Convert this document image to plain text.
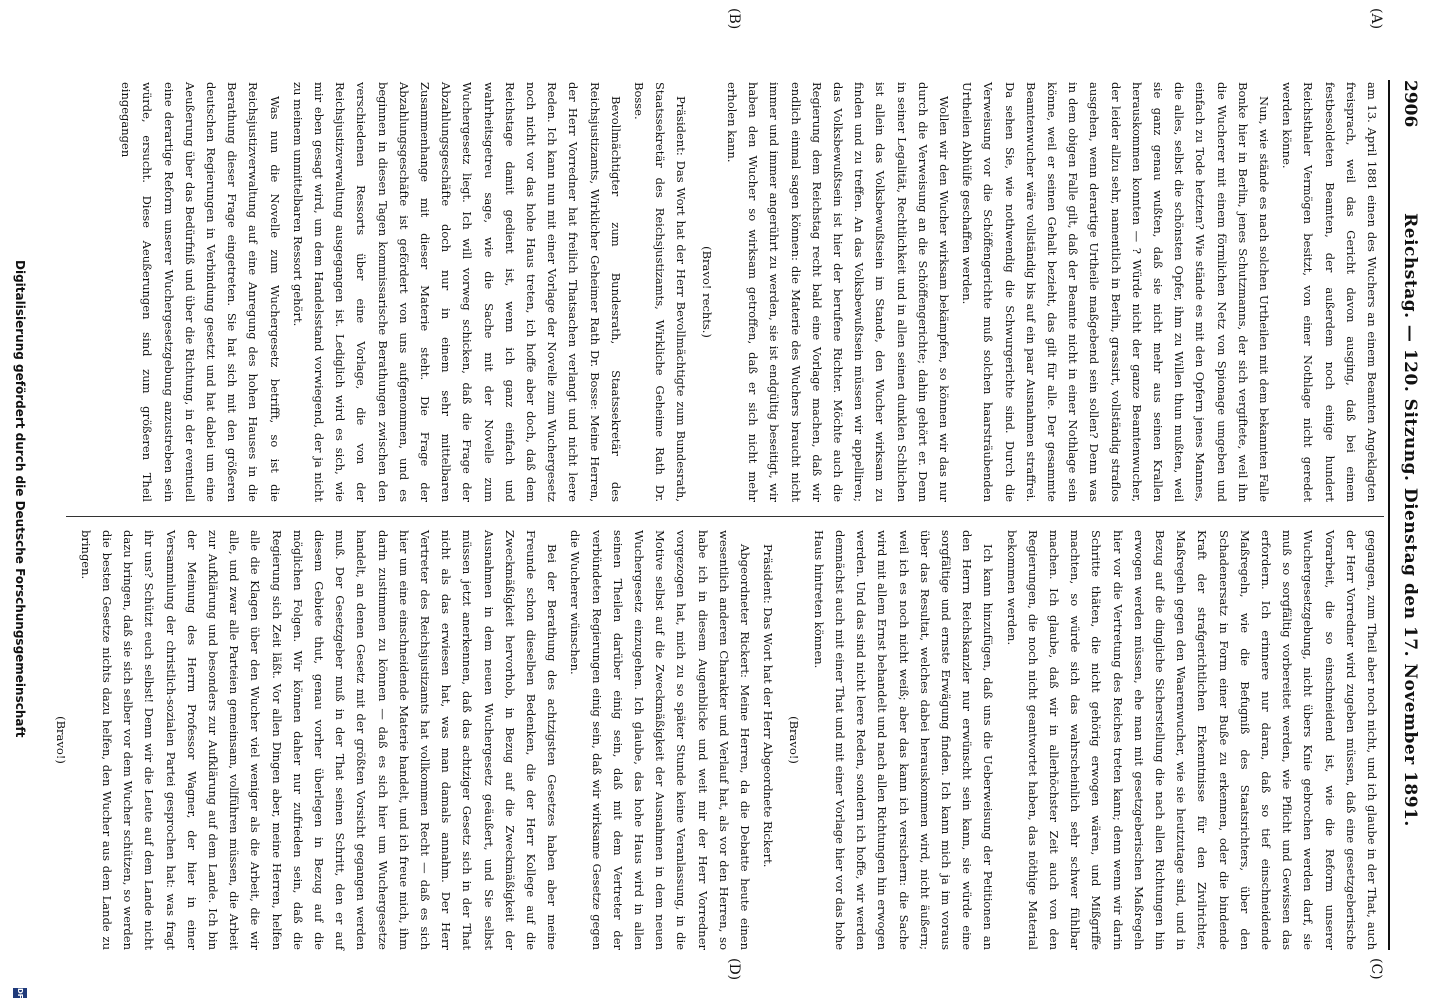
2906
Reichstag. — 120. Sitzung. Dienstag den 17. November 1891.
(A)
(B)
(C)
(D)

am 13. April 1881 einen des Wuchers an einem Beamten Angeklagten freisprach, weil das Gericht davon ausging, daß bei einem festbesoldeten Beamten, der außerdem noch einige hundert Reichsthaler Vermögen besitzt, von einer Nothlage nicht geredet werden könne.

Nun, wie stände es nach solchen Urtheilen mit dem bekannten Falle Bonke hier in Berlin, jenes Schutzmanns, der sich vergiftete, weil ihn die Wucherer mit einem förmlichen Netz von Spionage umgeben und einfach zu Tode hetzten? Wie stände es mit den Opfern jenes Mannes, die alles, selbst die schönsten Opfer, ihm zu Willen thun mußten, weil sie ganz genau wußten, daß sie nicht mehr aus seinen Krallen herauskommen konnten — ? Würde nicht der ganze Beamtenwucher, der leider allzu sehr, namentlich in Berlin, grassirt, vollständig straflos ausgehen, wenn derartige Urtheile maßgebend sein sollen? Denn was in dem obigen Falle gilt, daß der Beamte nicht in einer Nothlage sein könne, weil er seinen Gehalt bezieht, das gilt für alle. Der gesammte Beamtenwucher wäre vollständig bis auf ein paar Ausnahmen straffrei. Da sehen Sie, wie nothwendig die Schwurgerichte sind. Durch die Verweisung vor die Schöffengerichte muß solchen haarsträubenden Urtheilen Abhülfe geschaffen werden.

Wollen wir den Wucher wirksam bekämpfen, so können wir das nur durch die Verweisung an die Schöffengerichte; dahin gehört er. Denn in seiner Legalität, Rechtlichkeit und in allen seinen dunklen Schlichen ist allein das Volksbewußtsein im Stande, den Wucher wirksam zu finden und zu treffen. An das Volksbewußtsein müssen wir appelliren; das Volksbewußtsein ist hier der berufene Richter. Möchte auch die Regierung dem Reichstag recht bald eine Vorlage machen, daß wir endlich einmal sagen können: die Materie des Wuchers braucht nicht immer und immer angerührt zu werden, sie ist endgültig beseitigt, wir haben den Wucher so wirksam getroffen, daß er sich nicht mehr erholen kann.

(Bravo! rechts.)

Präsident: Das Wort hat der Herr Bevollmächtigte zum Bundesrath, Staatssekretär des Reichsjustizamts, Wirkliche Geheime Rath Dr. Bosse.

Bevollmächtigter zum Bundesrath, Staatssekretär des Reichsjustizamts, Wirklicher Geheimer Rath Dr. Bosse: Meine Herren, der Herr Vorredner hat freilich Thatsachen verlangt und nicht leere Reden. Ich kann nun mit einer Vorlage der Novelle zum Wuchergesetz noch nicht vor das hohe Haus treten, ich hoffe aber doch, daß dem Reichstage damit gedient ist, wenn ich ganz einfach und wahrheitsgetreu sage, wie die Sache mit der Novelle zum Wuchergesetz liegt. Ich will vorweg schicken, daß die Frage der Abzahlungsgeschäfte doch nur in einem sehr mittelbaren Zusammenhange mit dieser Materie steht. Die Frage der Abzahlungsgeschäfte ist gefördert von uns aufgenommen, und es beginnen in diesen Tagen kommissarische Berathungen zwischen den verschiedenen Ressorts über eine Vorlage, die von der Reichsjustizverwaltung ausgegangen ist. Lediglich wird es sich, wie mir eben gesagt wird, um dem Handelsstand vorwiegend, der ja nicht zu meinem unmittelbaren Ressort gehört.

Was nun die Novelle zum Wuchergesetz betrifft, so ist die Reichsjustizverwaltung auf eine Anregung des hohen Hauses in die Berathung dieser Frage eingetreten. Sie hat sich mit den größeren deutschen Regierungen in Verbindung gesetzt und hat dabei um eine Aeußerung über das Bedürfniß und über die Richtung, in der eventuell eine derartige Reform unserer Wuchergesetzgebung anzustreben sein würde, ersucht. Diese Aeußerungen sind zum größeren Theil eingegangen

gegangen, zum Theil aber noch nicht, und ich glaube in der That, auch der Herr Vorredner wird zugeben müssen, daß eine gesetzgeberische Vorarbeit, die so einschneidend ist, wie die Reform unserer Wuchergesetzgebung, nicht übers Knie gebrochen werden darf, sie muß so sorgfältig vorbereitet werden, wie Pflicht und Gewissen das erfordern. Ich erinnere nur daran, daß so tief einschneidende Maßregeln, wie die Befugniß des Staatsrichters, über den Schadenersatz in Form einer Buße zu erkennen, oder die bindende Kraft der strafgerichtlichen Erkenntnisse für den Zivilrichter, Maßregeln gegen den Waarenwucher, wie sie heutzutage sind, und in Bezug auf die dingliche Sicherstellung die nach allen Richtungen hin erwogen werden müssen, ehe man mit gesetzgeberischen Maßregeln hier vor die Vertretung des Reiches treten kann; denn wenn wir darin Schritte thäten, die nicht gehörig erwogen wären, und Mißgriffe machten, so würde sich das wahrscheinlich sehr schwer fühlbar machen. Ich glaube, daß wir in allerhöchster Zeit auch von den Regierungen, die noch nicht geantwortet haben, das nöthige Material bekommen werden.

Ich kann hinzufügen, daß uns die Ueberweisung der Petitionen an den Herrn Reichskanzler nur erwünscht sein kann, sie würde eine sorgfältige und ernste Erwägung finden. Ich kann mich ja im voraus über das Resultat, welches dabei herauskommen wird, nicht äußern; weil ich es noch nicht weiß; aber das kann ich versichern: die Sache wird mit allem Ernst behandelt und nach allen Richtungen hin erwogen werden. Und das sind nicht leere Reden, sondern ich hoffe, wir werden demnächst auch mit einer That und mit einer Vorlage hier vor das hohe Haus hintreten können.

(Bravo!)

Präsident: Das Wort hat der Herr Abgeordnete Rickert.

Abgeordneter Rickert: Meine Herren, da die Debatte heute einen wesentlich anderen Charakter und Verlauf hat, als vor den Herren, so habe ich in diesem Augenblicke und weit mir der Herr Vorredner vorgezogen hat, mich zu so später Stunde keine Veranlassung, in die Motive selbst auf die Zweckmäßigkeit der Ausnahmen in dem neuen Wuchergesetz einzugehen. Ich glaube, das hohe Haus wird in allen seinen Theilen darüber einig sein, daß mit dem Vertreter der verbündeten Regierungen einig sein, daß wir wirksame Gesetze gegen die Wucherer wünschen.

Bei der Berathung des achtzigsten Gesetzes haben aber meine Freunde schon dieselben Bedenken, die der Herr Kollege auf die Zweckmäßigkeit hervorhob, in Bezug auf die Zweckmäßigkeit der Ausnahmen in dem neuen Wuchergesetz geäußert, und Sie selbst müssen jetzt anerkennen, daß das achtziger Gesetz sich in der That nicht als das erwiesen hat, was man damals annahm. Der Herr Vertreter des Reichsjustizamts hat vollkommen Recht — daß es sich hier um eine einschneidende Materie handelt, und ich freue mich, ihm darin zustimmen zu können — daß es sich hier um Wuchergesetze handelt, an denen Gesetz mit der größten Vorsicht gegangen werden muß. Der Gesetzgeber muß in der That seinen Schritt, den er auf diesem Gebiete thut, genau vorher überlegen in Bezug auf die möglichen Folgen. Wir können daher nur zufrieden sein, daß die Regierung sich Zeit läßt. Vor allen Dingen aber, meine Herren, helfen alle die Klagen über den Wucher viel weniger als die Arbeit, die wir alle, und zwar alle Parteien gemeinsam, vollführen müssen, die Arbeit zur Aufklärung und besonders zur Aufklärung auf dem Lande. Ich bin der Meinung des Herrn Professor Wagner, der hier in einer Versammlung der christlich-sozialen Partei gesprochen hat: was fragt ihr uns? Schützt euch selbst! Denn wir die Leute auf dem Lande nicht dazu bringen, daß sie sich selber vor dem Wucher schützen, so werden die besten Gesetze nichts dazu helfen, den Wucher aus dem Lande zu bringen.

(Bravo!)

Digitalisierung gefördert durch die Deutsche Forschungsgemeinschaft
DFG
